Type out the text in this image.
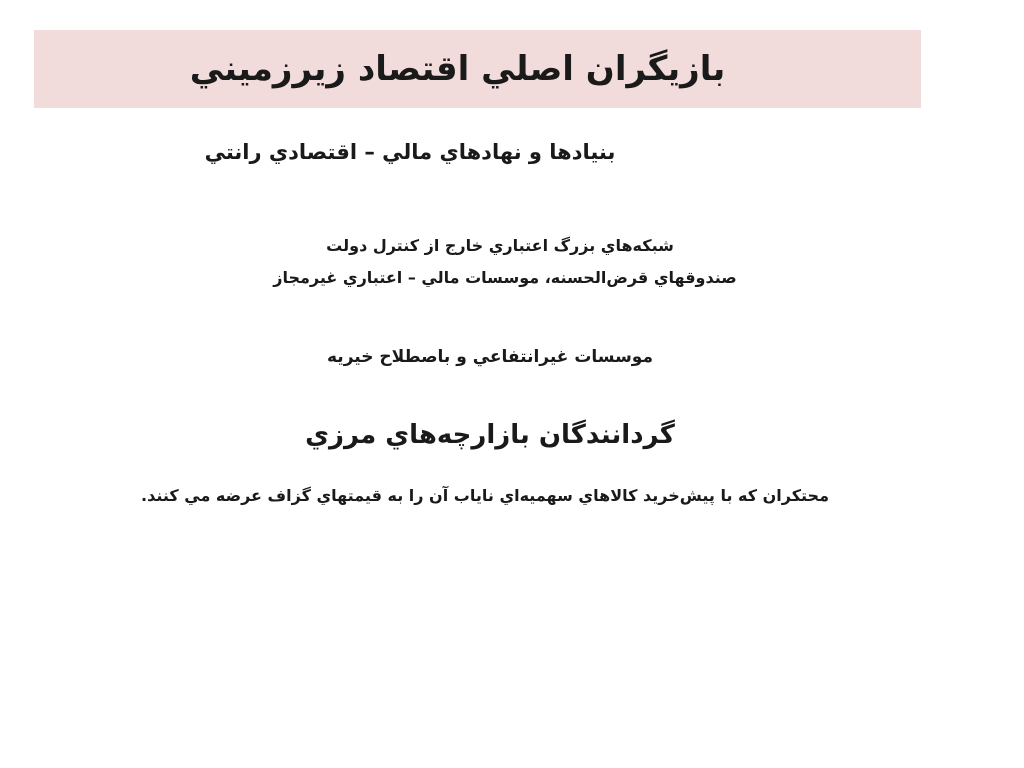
بازيگران اصلي اقتصاد زيرزميني
بنيادها و نهادهاي مالي – اقتصادي رانتي
شبكه‌هاي بزرگ اعتباري خارج از كنترل دولت
صندوقهاي قرض‌الحسنه، موسسات مالي – اعتباري غيرمجاز
موسسات غيرانتفاعي و باصطلاح خيريه
گردانندگان بازارچه‌هاي مرزي
محتكران كه با پيش‌خريد كالاهاي سهميه‌اي ناياب آن را به قيمتهاي گزاف عرضه مي كنند.
